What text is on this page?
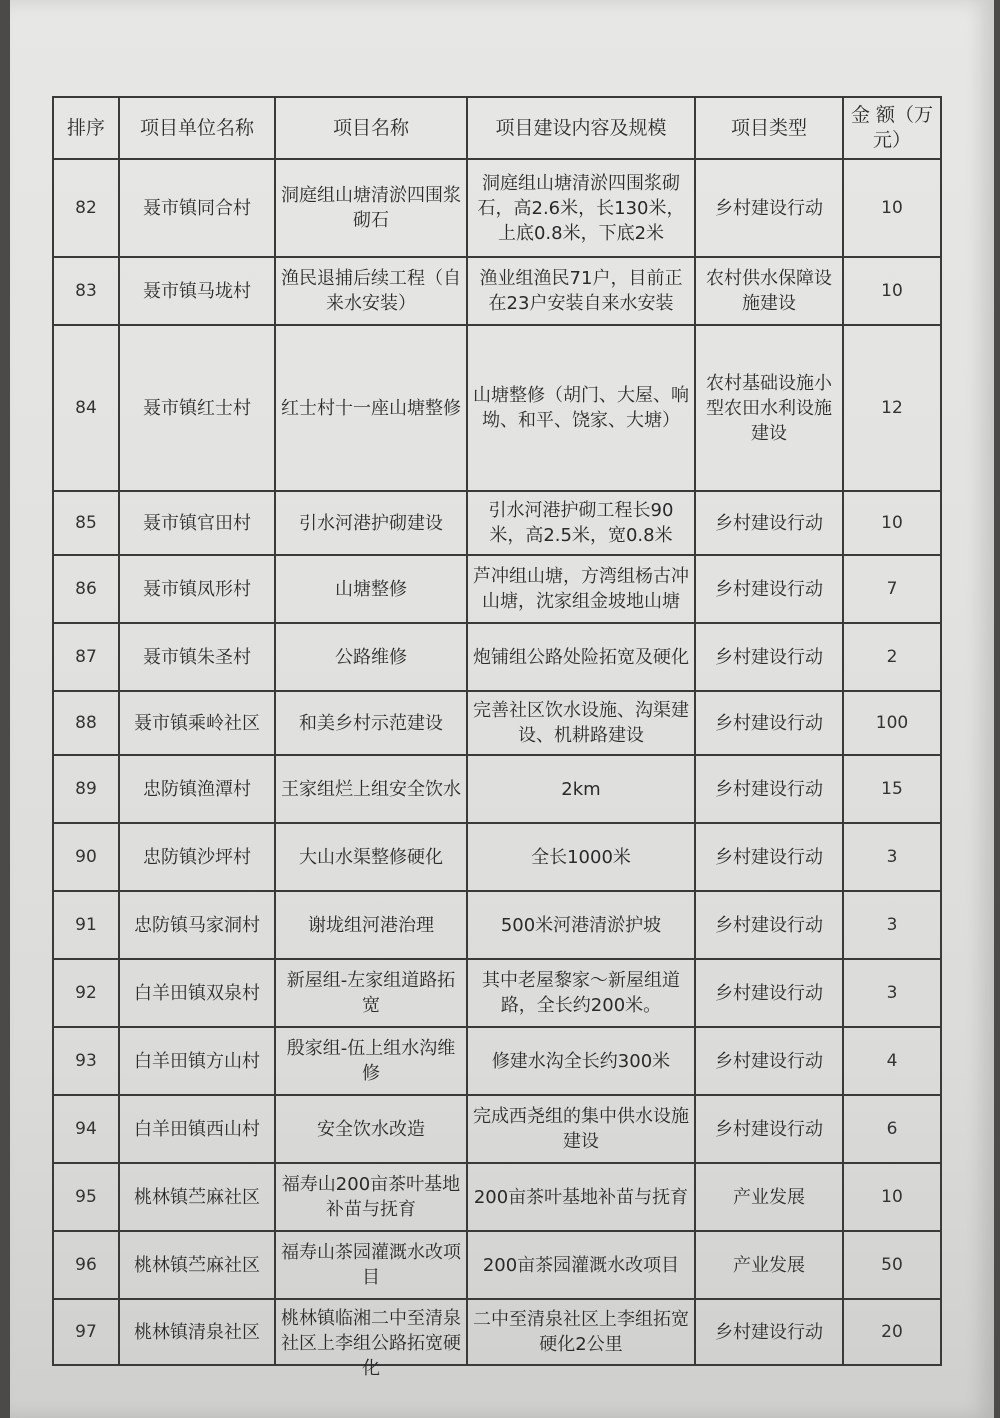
排序	项目单位名称	项目名称	项目建设内容及规模	项目类型	金 额（万元）
82	聂市镇同合村	洞庭组山塘清淤四围浆砌石	洞庭组山塘清淤四围浆砌石，高2.6米，长130米，上底0.8米，下底2米	乡村建设行动	10
83	聂市镇马垅村	渔民退捕后续工程（自来水安装）	渔业组渔民71户，目前正在23户安装自来水安装	农村供水保障设施建设	10
84	聂市镇红士村	红士村十一座山塘整修	山塘整修（胡门、大屋、响坳、和平、饶家、大塘）	农村基础设施小型农田水利设施建设	12
85	聂市镇官田村	引水河港护砌建设	引水河港护砌工程长90米，高2.5米，宽0.8米	乡村建设行动	10
86	聂市镇凤形村	山塘整修	芦冲组山塘，方湾组杨古冲山塘，沈家组金坡地山塘	乡村建设行动	7
87	聂市镇朱圣村	公路维修	炮铺组公路处险拓宽及硬化	乡村建设行动	2
88	聂市镇乘岭社区	和美乡村示范建设	完善社区饮水设施、沟渠建设、机耕路建设	乡村建设行动	100
89	忠防镇渔潭村	王家组烂上组安全饮水	2km	乡村建设行动	15
90	忠防镇沙坪村	大山水渠整修硬化	全长1000米	乡村建设行动	3
91	忠防镇马家洞村	谢垅组河港治理	500米河港清淤护坡	乡村建设行动	3
92	白羊田镇双泉村	新屋组-左家组道路拓宽	其中老屋黎家～新屋组道路，全长约200米。	乡村建设行动	3
93	白羊田镇方山村	殷家组-伍上组水沟维修	修建水沟全长约300米	乡村建设行动	4
94	白羊田镇西山村	安全饮水改造	完成西尧组的集中供水设施建设	乡村建设行动	6
95	桃林镇苎麻社区	福寿山200亩茶叶基地补苗与抚育	200亩茶叶基地补苗与抚育	产业发展	10
96	桃林镇苎麻社区	福寿山茶园灌溉水改项目	200亩茶园灌溉水改项目	产业发展	50
97	桃林镇清泉社区	桃林镇临湘二中至清泉社区上李组公路拓宽硬化	二中至清泉社区上李组拓宽硬化2公里	乡村建设行动	20
